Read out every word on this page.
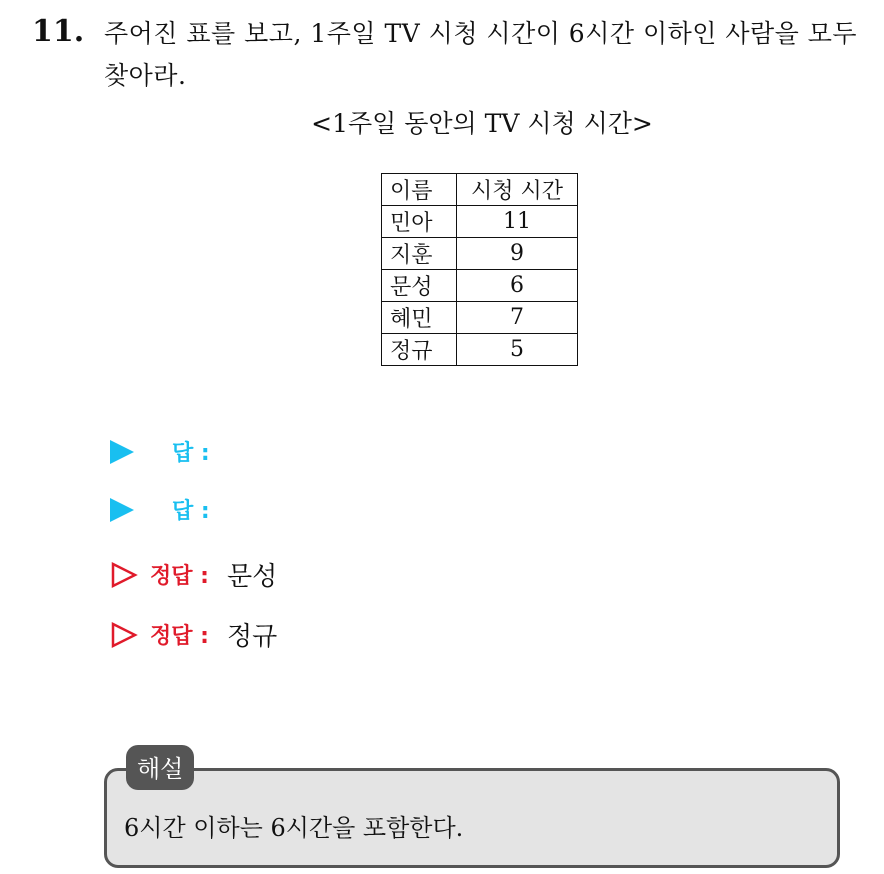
11. 주어진 표를 보고, 1주일 TV 시청 시간이 6시간 이하인 사람을 모두
찾아라.
<1주일 동안의 TV 시청 시간>
이름	시청 시간
민아	11
지훈	9
문성	6
혜민	7
정규	5
답 :
답 :
정답 : 문성
정답 : 정규
해설
6시간 이하는 6시간을 포함한다.
